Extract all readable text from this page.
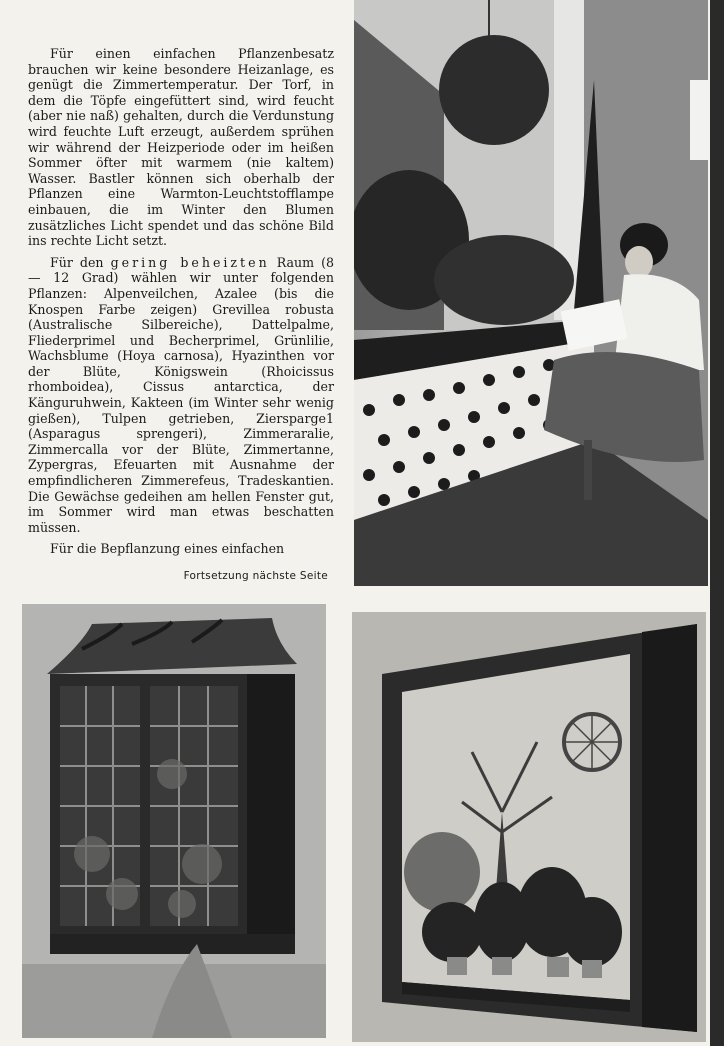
Für einen einfachen Pflanzenbesatz brauchen wir keine besondere Heizanlage, es genügt die Zimmertemperatur. Der Torf, in dem die Töpfe eingefüttert sind, wird feucht (aber nie naß) gehalten, durch die Verdunstung wird feuchte Luft erzeugt, außerdem sprühen wir während der Heizperiode oder im heißen Sommer öfter mit warmem (nie kaltem) Wasser. Bastler können sich oberhalb der Pflanzen eine Warmton-Leuchtstofflampe einbauen, die im Winter den Blumen zusätzliches Licht spendet und das schöne Bild ins rechte Licht setzt.

Für den gering beheizten Raum (8 — 12 Grad) wählen wir unter folgenden Pflanzen: Alpenveilchen, Azalee (bis die Knospen Farbe zeigen) Grevillea robusta (Australische Silbereiche), Dattelpalme, Fliederprimel und Becherprimel, Grünlilie, Wachsblume (Hoya carnosa), Hyazinthen vor der Blüte, Königswein (Rhoicissus rhomboidea), Cissus antarctica, der Känguruhwein, Kakteen (im Winter sehr wenig gießen), Tulpen getrieben, Ziersparge1 (Asparagus sprengeri), Zimmeraralie, Zimmercalla vor der Blüte, Zimmertanne, Zypergras, Efeuarten mit Ausnahme der empfindlicheren Zimmerefeus, Tradeskantien. Die Gewächse gedeihen am hellen Fenster gut, im Sommer wird man etwas beschatten müssen.

Für die Bepflanzung eines einfachen

Fortsetzung nächste Seite
